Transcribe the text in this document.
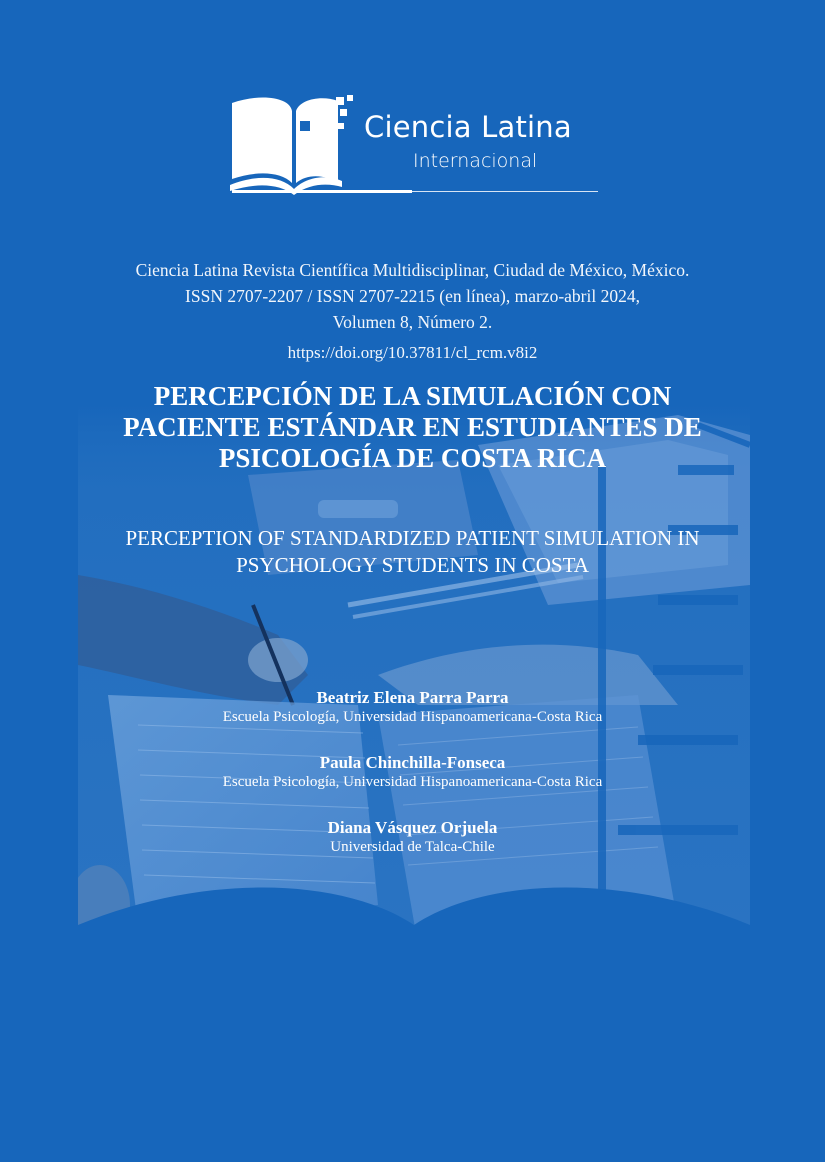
Ciencia Latina
Internacional
Ciencia Latina Revista Científica Multidisciplinar, Ciudad de México, México.
ISSN 2707-2207 / ISSN 2707-2215 (en línea), marzo-abril 2024,
Volumen 8, Número 2.
https://doi.org/10.37811/cl_rcm.v8i2
PERCEPCIÓN DE LA SIMULACIÓN CON
PACIENTE ESTÁNDAR EN ESTUDIANTES DE
PSICOLOGÍA DE COSTA RICA
PERCEPTION OF STANDARDIZED PATIENT SIMULATION IN
PSYCHOLOGY STUDENTS IN COSTA
Beatriz Elena Parra Parra
Escuela Psicología, Universidad Hispanoamericana-Costa Rica
Paula Chinchilla-Fonseca
Escuela Psicología, Universidad Hispanoamericana-Costa Rica
Diana Vásquez Orjuela
Universidad de Talca-Chile
